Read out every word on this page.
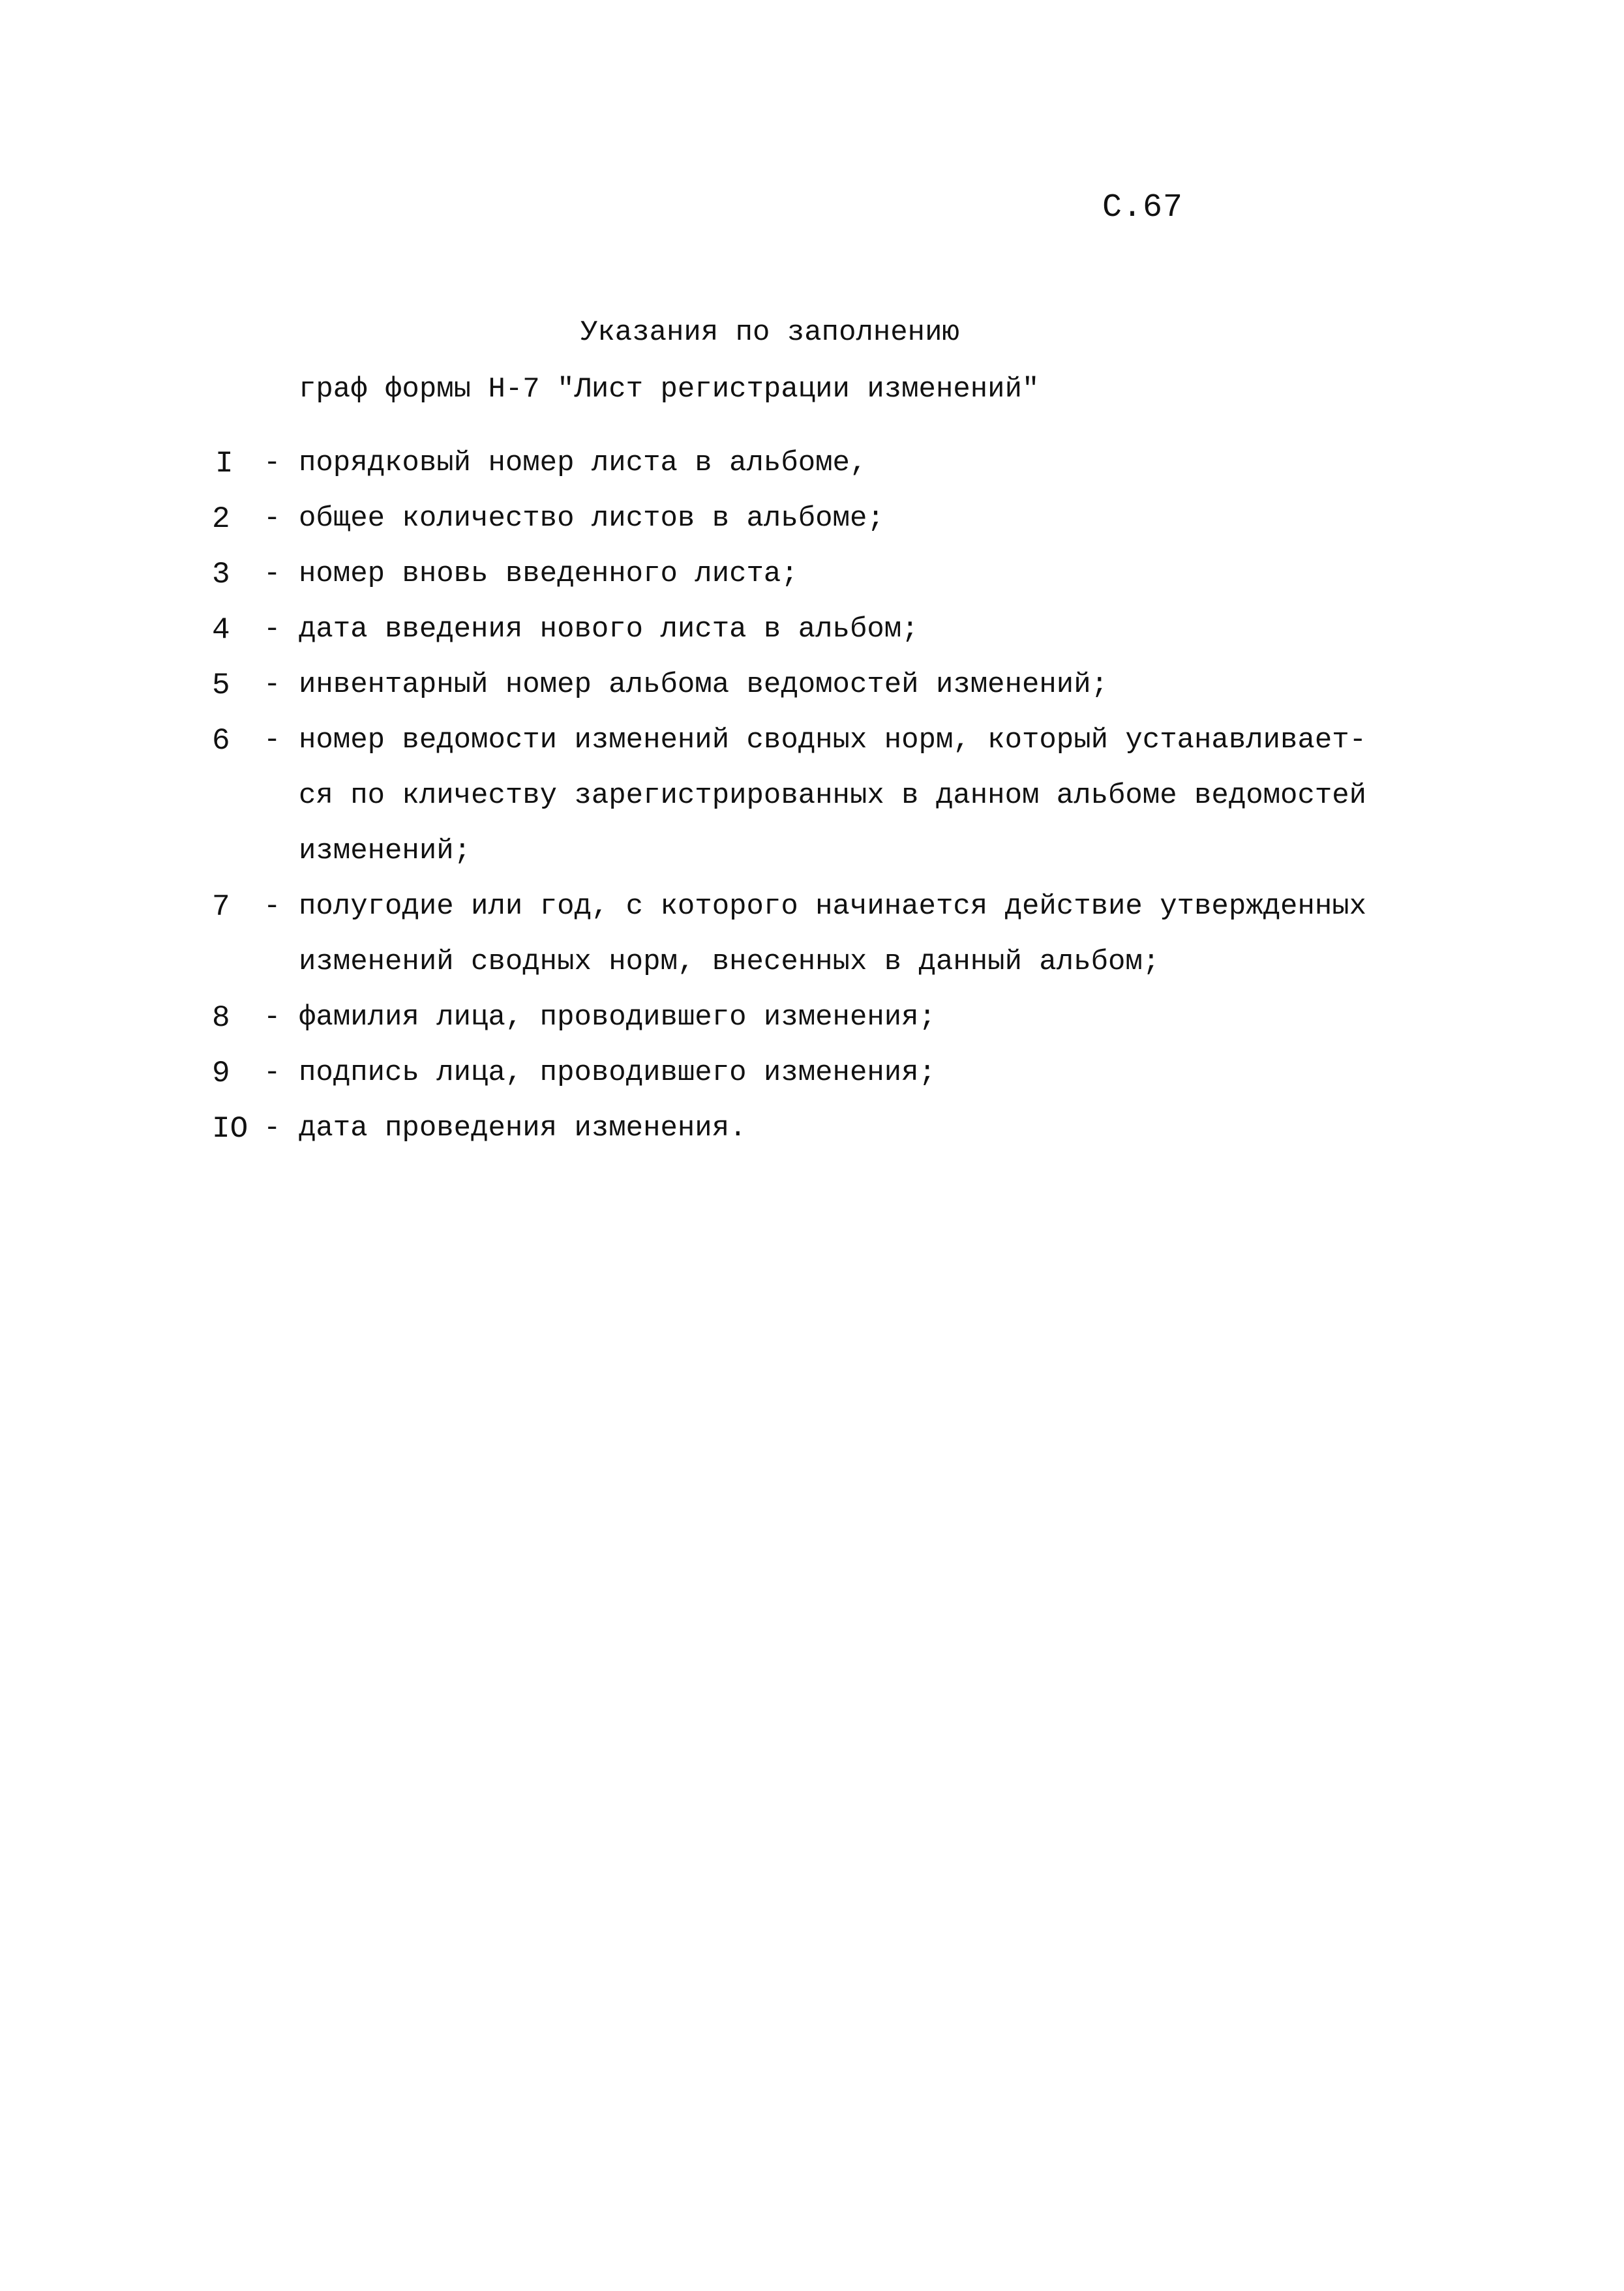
С.67
Указания по заполнению
граф формы Н-7 "Лист регистрации изменений"
I	- порядковый номер листа в альбоме,
2	- общее количество листов в альбоме;
3	- номер вновь введенного листа;
4	- дата введения нового листа в альбом;
5	- инвентарный номер альбома ведомостей изменений;
6	- номер ведомости изменений сводных норм, который устанавливает-
ся по кличеству зарегистрированных в данном альбоме ведомостей
изменений;
7	- полугодие или год, с которого начинается действие утвержденных
изменений сводных норм, внесенных в данный альбом;
8	- фамилия лица, проводившего изменения;
9	- подпись лица, проводившего изменения;
IO - дата проведения изменения.
